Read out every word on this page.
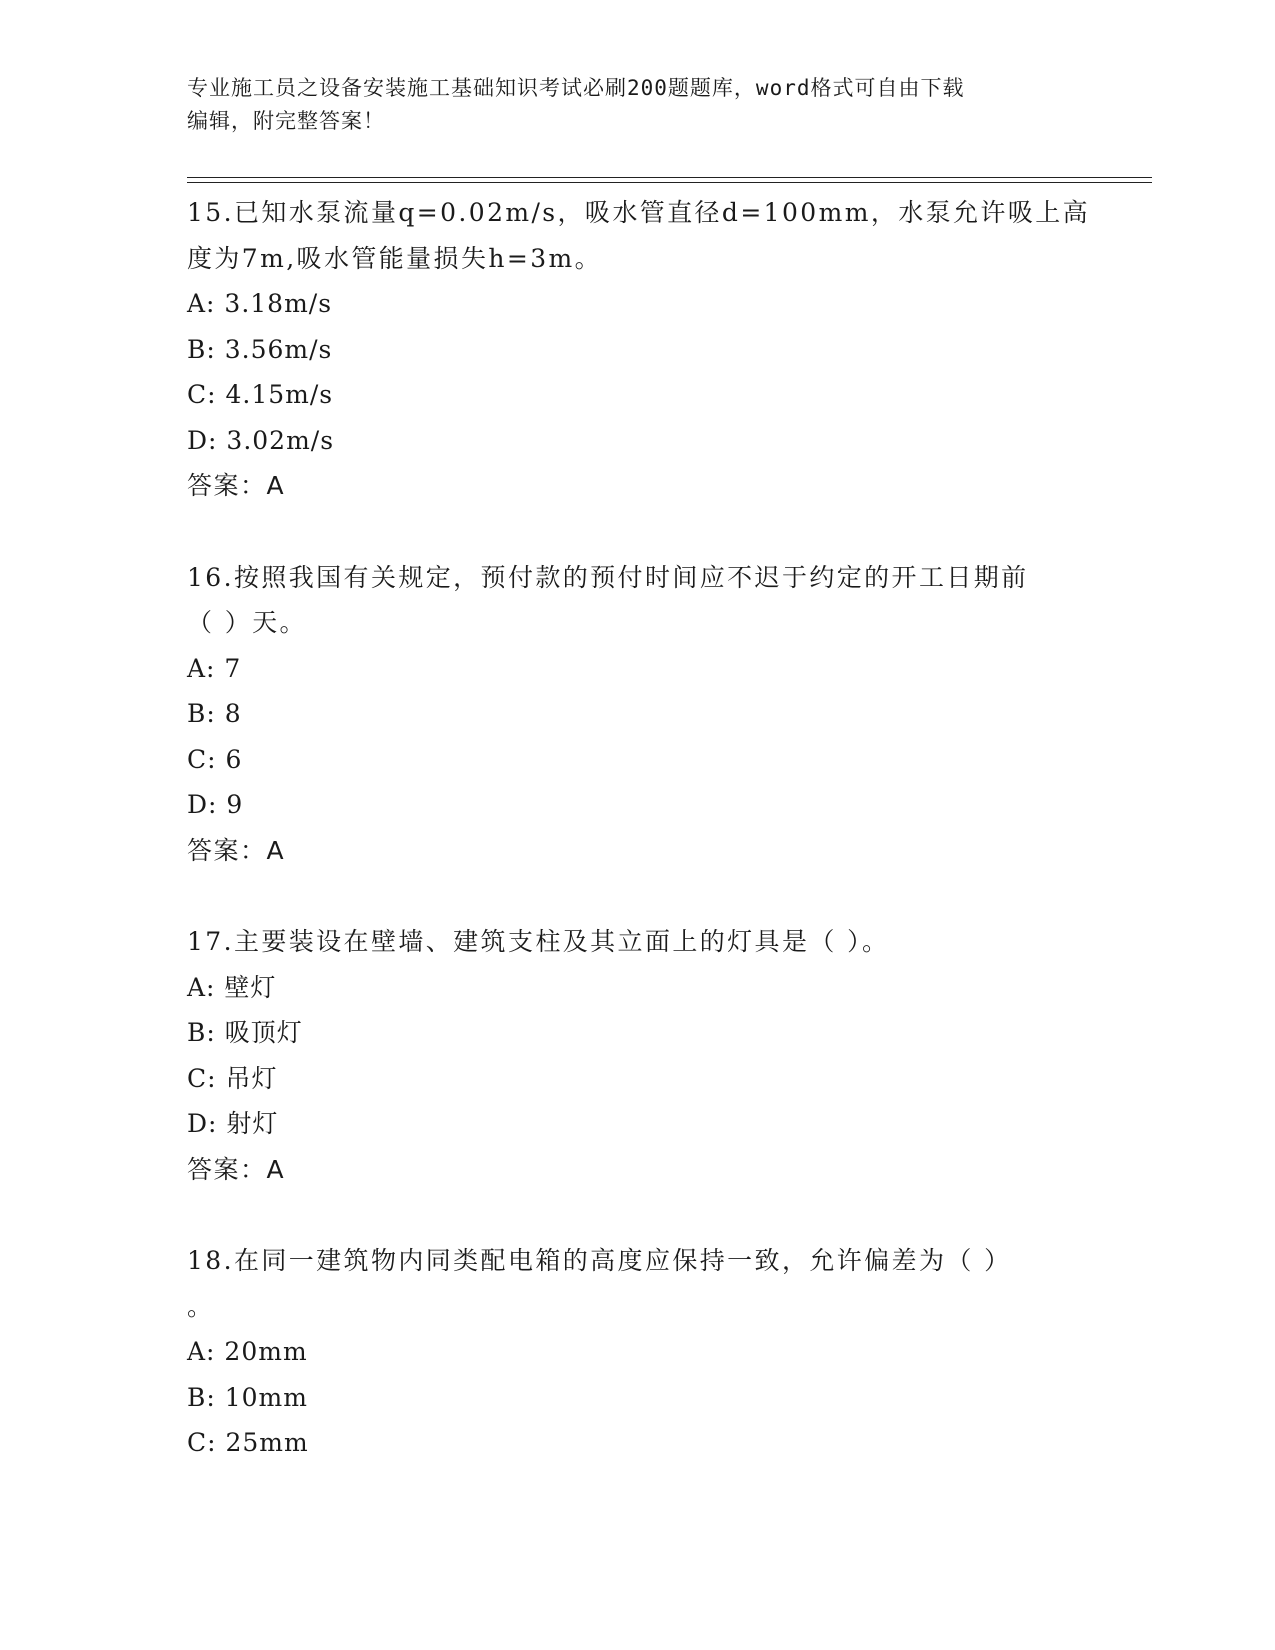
专业施工员之设备安装施工基础知识考试必刷200题题库，word格式可自由下载
编辑，附完整答案！
15.已知水泵流量q=0.02m/s，吸水管直径d=100mm，水泵允许吸上高
度为7m,吸水管能量损失h=3m。
A: 3.18m/s
B: 3.56m/s
C: 4.15m/s
D: 3.02m/s
答案：A
16.按照我国有关规定，预付款的预付时间应不迟于约定的开工日期前
（ ）天。
A: 7
B: 8
C: 6
D: 9
答案：A
17.主要装设在壁墙、建筑支柱及其立面上的灯具是（ ）。
A: 壁灯
B: 吸顶灯
C: 吊灯
D: 射灯
答案：A
18.在同一建筑物内同类配电箱的高度应保持一致，允许偏差为（ ）
。
A: 20mm
B: 10mm
C: 25mm
